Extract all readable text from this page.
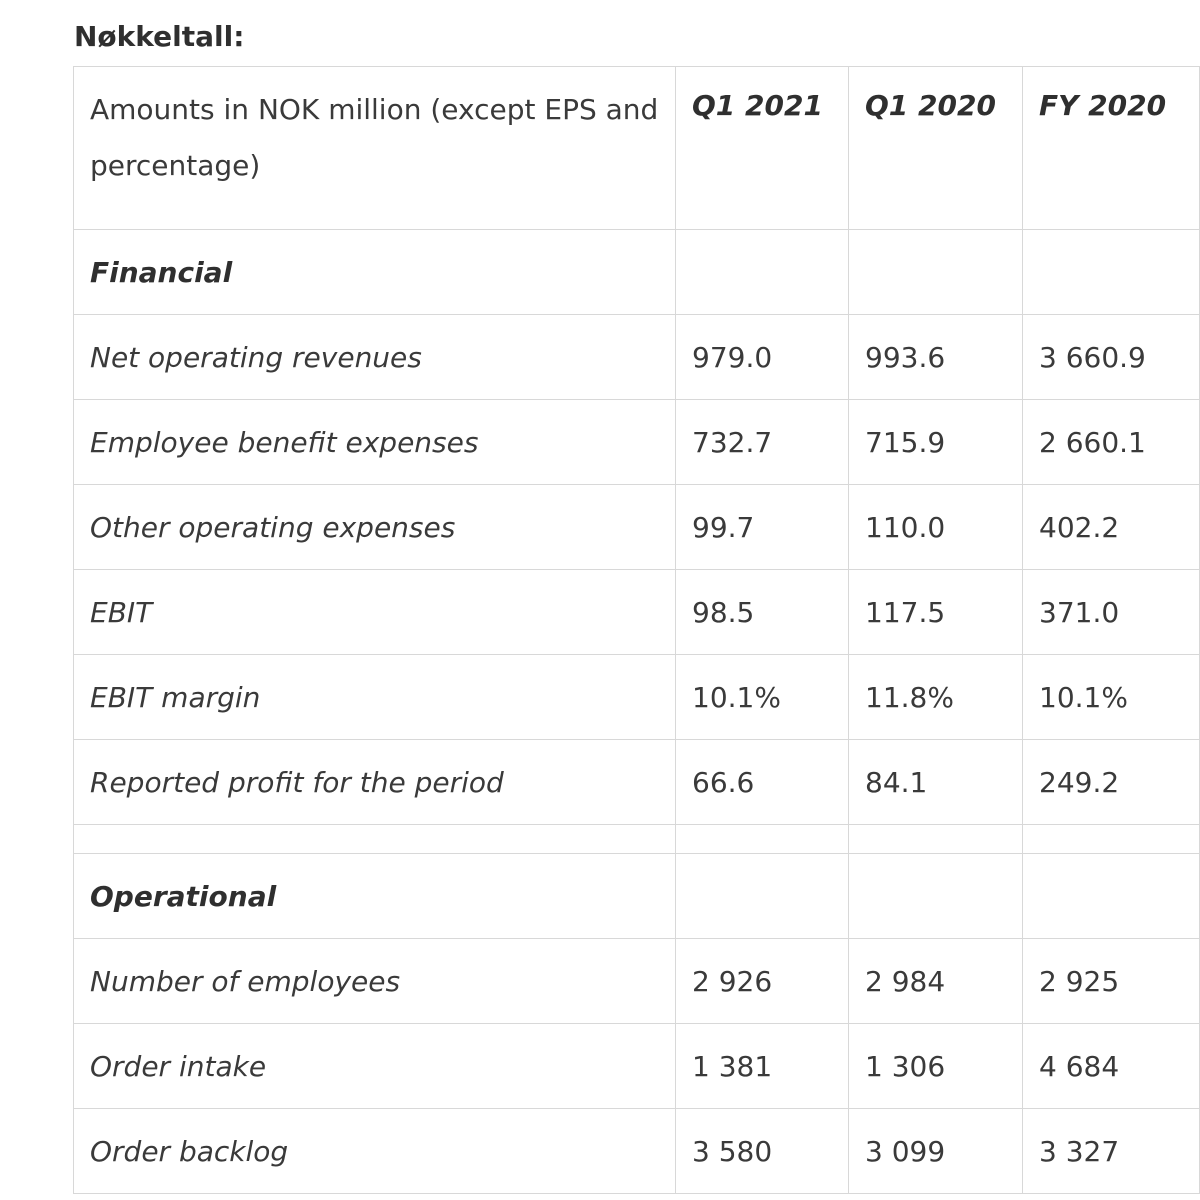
Nøkkeltall:
Amounts in NOK million (except EPS and percentage)	Q1 2021	Q1 2020	FY 2020
Financial			
Net operating revenues	979.0	993.6	3 660.9
Employee benefit expenses	732.7	715.9	2 660.1
Other operating expenses	99.7	110.0	402.2
EBIT	98.5	117.5	371.0
EBIT margin	10.1%	11.8%	10.1%
Reported profit for the period	66.6	84.1	249.2

Operational			
Number of employees	2 926	2 984	2 925
Order intake	1 381	1 306	4 684
Order backlog	3 580	3 099	3 327
